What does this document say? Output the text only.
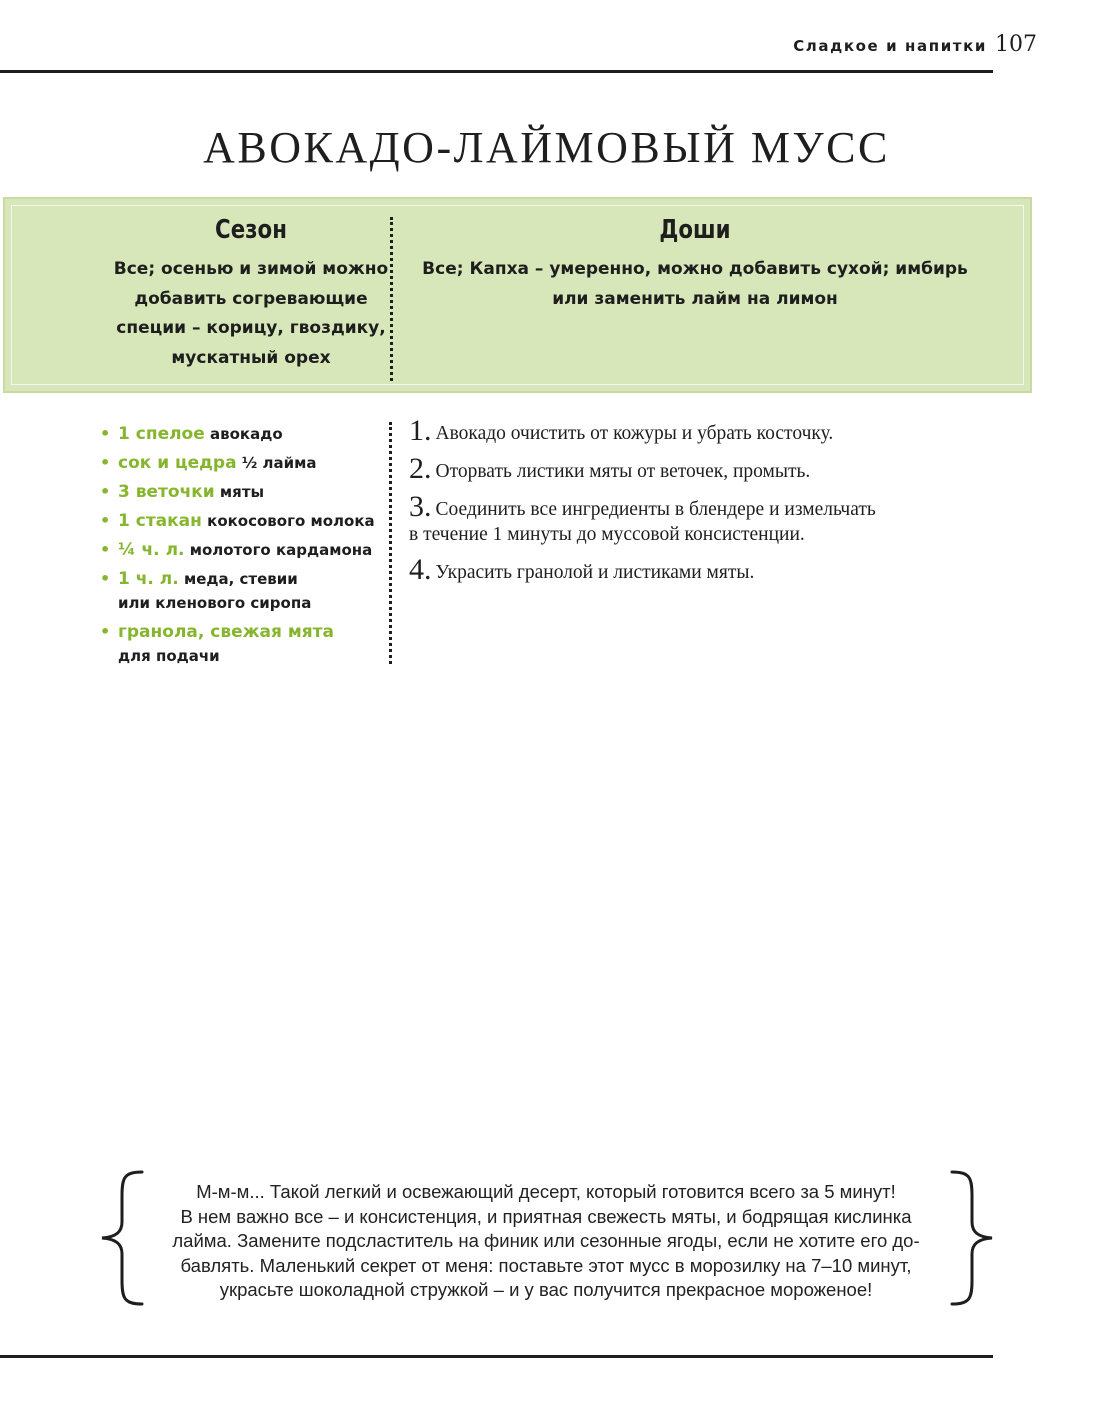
Сладкое и напитки 107
АВОКАДО-ЛАЙМОВЫЙ МУСС
Сезон
Все; осенью и зимой можно
добавить согревающие
специи – корицу, гвоздику,
мускатный орех
Доши
Все; Капха – умеренно, можно добавить сухой; имбирь
или заменить лайм на лимон
• 1 спелое авокадо
• сок и цедра ½ лайма
• 3 веточки мяты
• 1 стакан кокосового молока
• ¼ ч. л. молотого кардамона
• 1 ч. л. меда, стевии
или кленового сиропа
• гранола, свежая мята
для подачи
1. Авокадо очистить от кожуры и убрать косточку.
2. Оторвать листики мяты от веточек, промыть.
3. Соединить все ингредиенты в блендере и измельчать
в течение 1 минуты до муссовой консистенции.
4. Украсить гранолой и листиками мяты.
М-м-м... Такой легкий и освежающий десерт, который готовится всего за 5 минут!
В нем важно все – и консистенция, и приятная свежесть мяты, и бодрящая кислинка
лайма. Замените подсластитель на финик или сезонные ягоды, если не хотите его до-
бавлять. Маленький секрет от меня: поставьте этот мусс в морозилку на 7–10 минут,
украсьте шоколадной стружкой – и у вас получится прекрасное мороженое!
